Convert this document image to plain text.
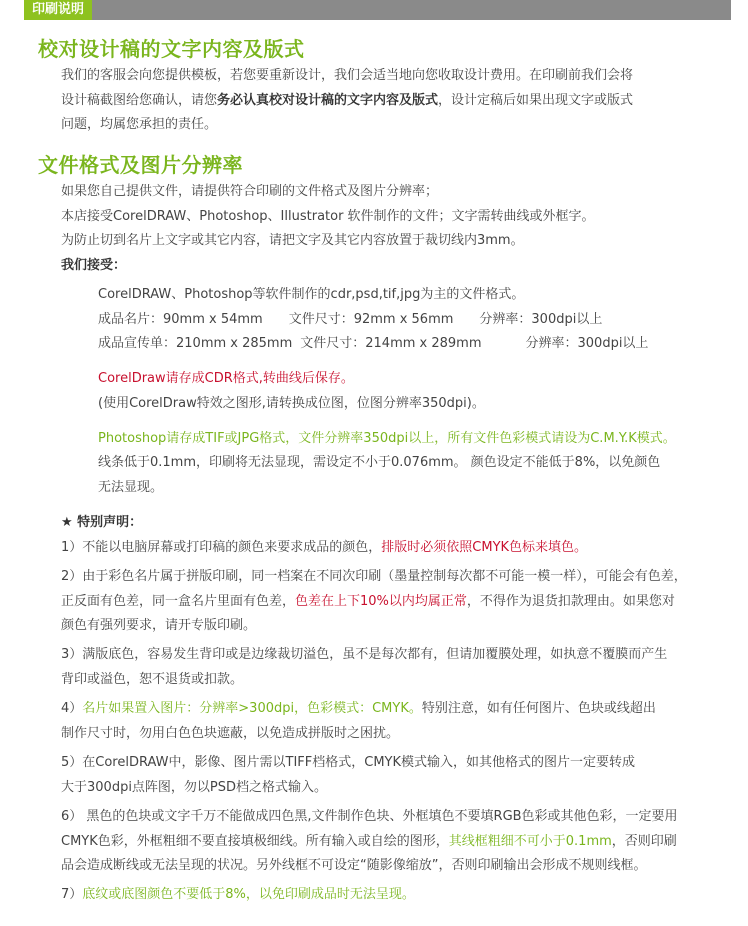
印刷说明
校对设计稿的文字内容及版式
我们的客服会向您提供模板，若您要重新设计，我们会适当地向您收取设计费用。在印刷前我们会将
设计稿截图给您确认，请您务必认真校对设计稿的文字内容及版式，设计定稿后如果出现文字或版式
问题，均属您承担的责任。
文件格式及图片分辨率
如果您自己提供文件，请提供符合印刷的文件格式及图片分辨率；
本店接受CorelDRAW、Photoshop、Illustrator 软件制作的文件；文字需转曲线或外框字。
为防止切到名片上文字或其它内容，请把文字及其它内容放置于裁切线内3mm。
我们接受：
CorelDRAW、Photoshop等软件制作的cdr,psd,tif,jpg为主的文件格式。
成品名片：90mm x 54mm 文件尺寸：92mm x 56mm 分辨率：300dpi以上
成品宣传单：210mm x 285mm 文件尺寸：214mm x 289mm	分辨率：300dpi以上
CorelDraw请存成CDR格式,转曲线后保存。
(使用CorelDraw特效之图形,请转换成位图，位图分辨率350dpi)。
Photoshop请存成TIF或JPG格式，文件分辨率350dpi以上，所有文件色彩模式请设为C.M.Y.K模式。
线条低于0.1mm，印刷将无法显现，需设定不小于0.076mm。 颜色设定不能低于8%，以免颜色
无法显现。
★ 特别声明：
1）不能以电脑屏幕或打印稿的颜色来要求成品的颜色，排版时必须依照CMYK色标来填色。
2）由于彩色名片属于拼版印刷，同一档案在不同次印刷（墨量控制每次都不可能一模一样），可能会有色差，
正反面有色差，同一盒名片里面有色差，色差在上下10%以内均属正常，不得作为退货扣款理由。如果您对
颜色有强列要求，请开专版印刷。
3）满版底色，容易发生背印或是边缘裁切溢色，虽不是每次都有，但请加覆膜处理，如执意不覆膜而产生
背印或溢色，恕不退货或扣款。
4）名片如果置入图片：分辨率>300dpi，色彩模式：CMYK。特别注意，如有任何图片、色块或线超出
制作尺寸时，勿用白色色块遮蔽，以免造成拼版时之困扰。
5）在CorelDRAW中，影像、图片需以TIFF档格式，CMYK模式输入，如其他格式的图片一定要转成
大于300dpi点阵图，勿以PSD档之格式输入。
6） 黑色的色块或文字千万不能做成四色黑,文件制作色块、外框填色不要填RGB色彩或其他色彩，一定要用
CMYK色彩，外框粗细不要直接填极细线。所有输入或自绘的图形，其线框粗细不可小于0.1mm，否则印刷
品会造成断线或无法呈现的状况。另外线框不可设定“随影像缩放”，否则印刷输出会形成不规则线框。
7）底纹或底图颜色不要低于8%，以免印刷成品时无法呈现。
